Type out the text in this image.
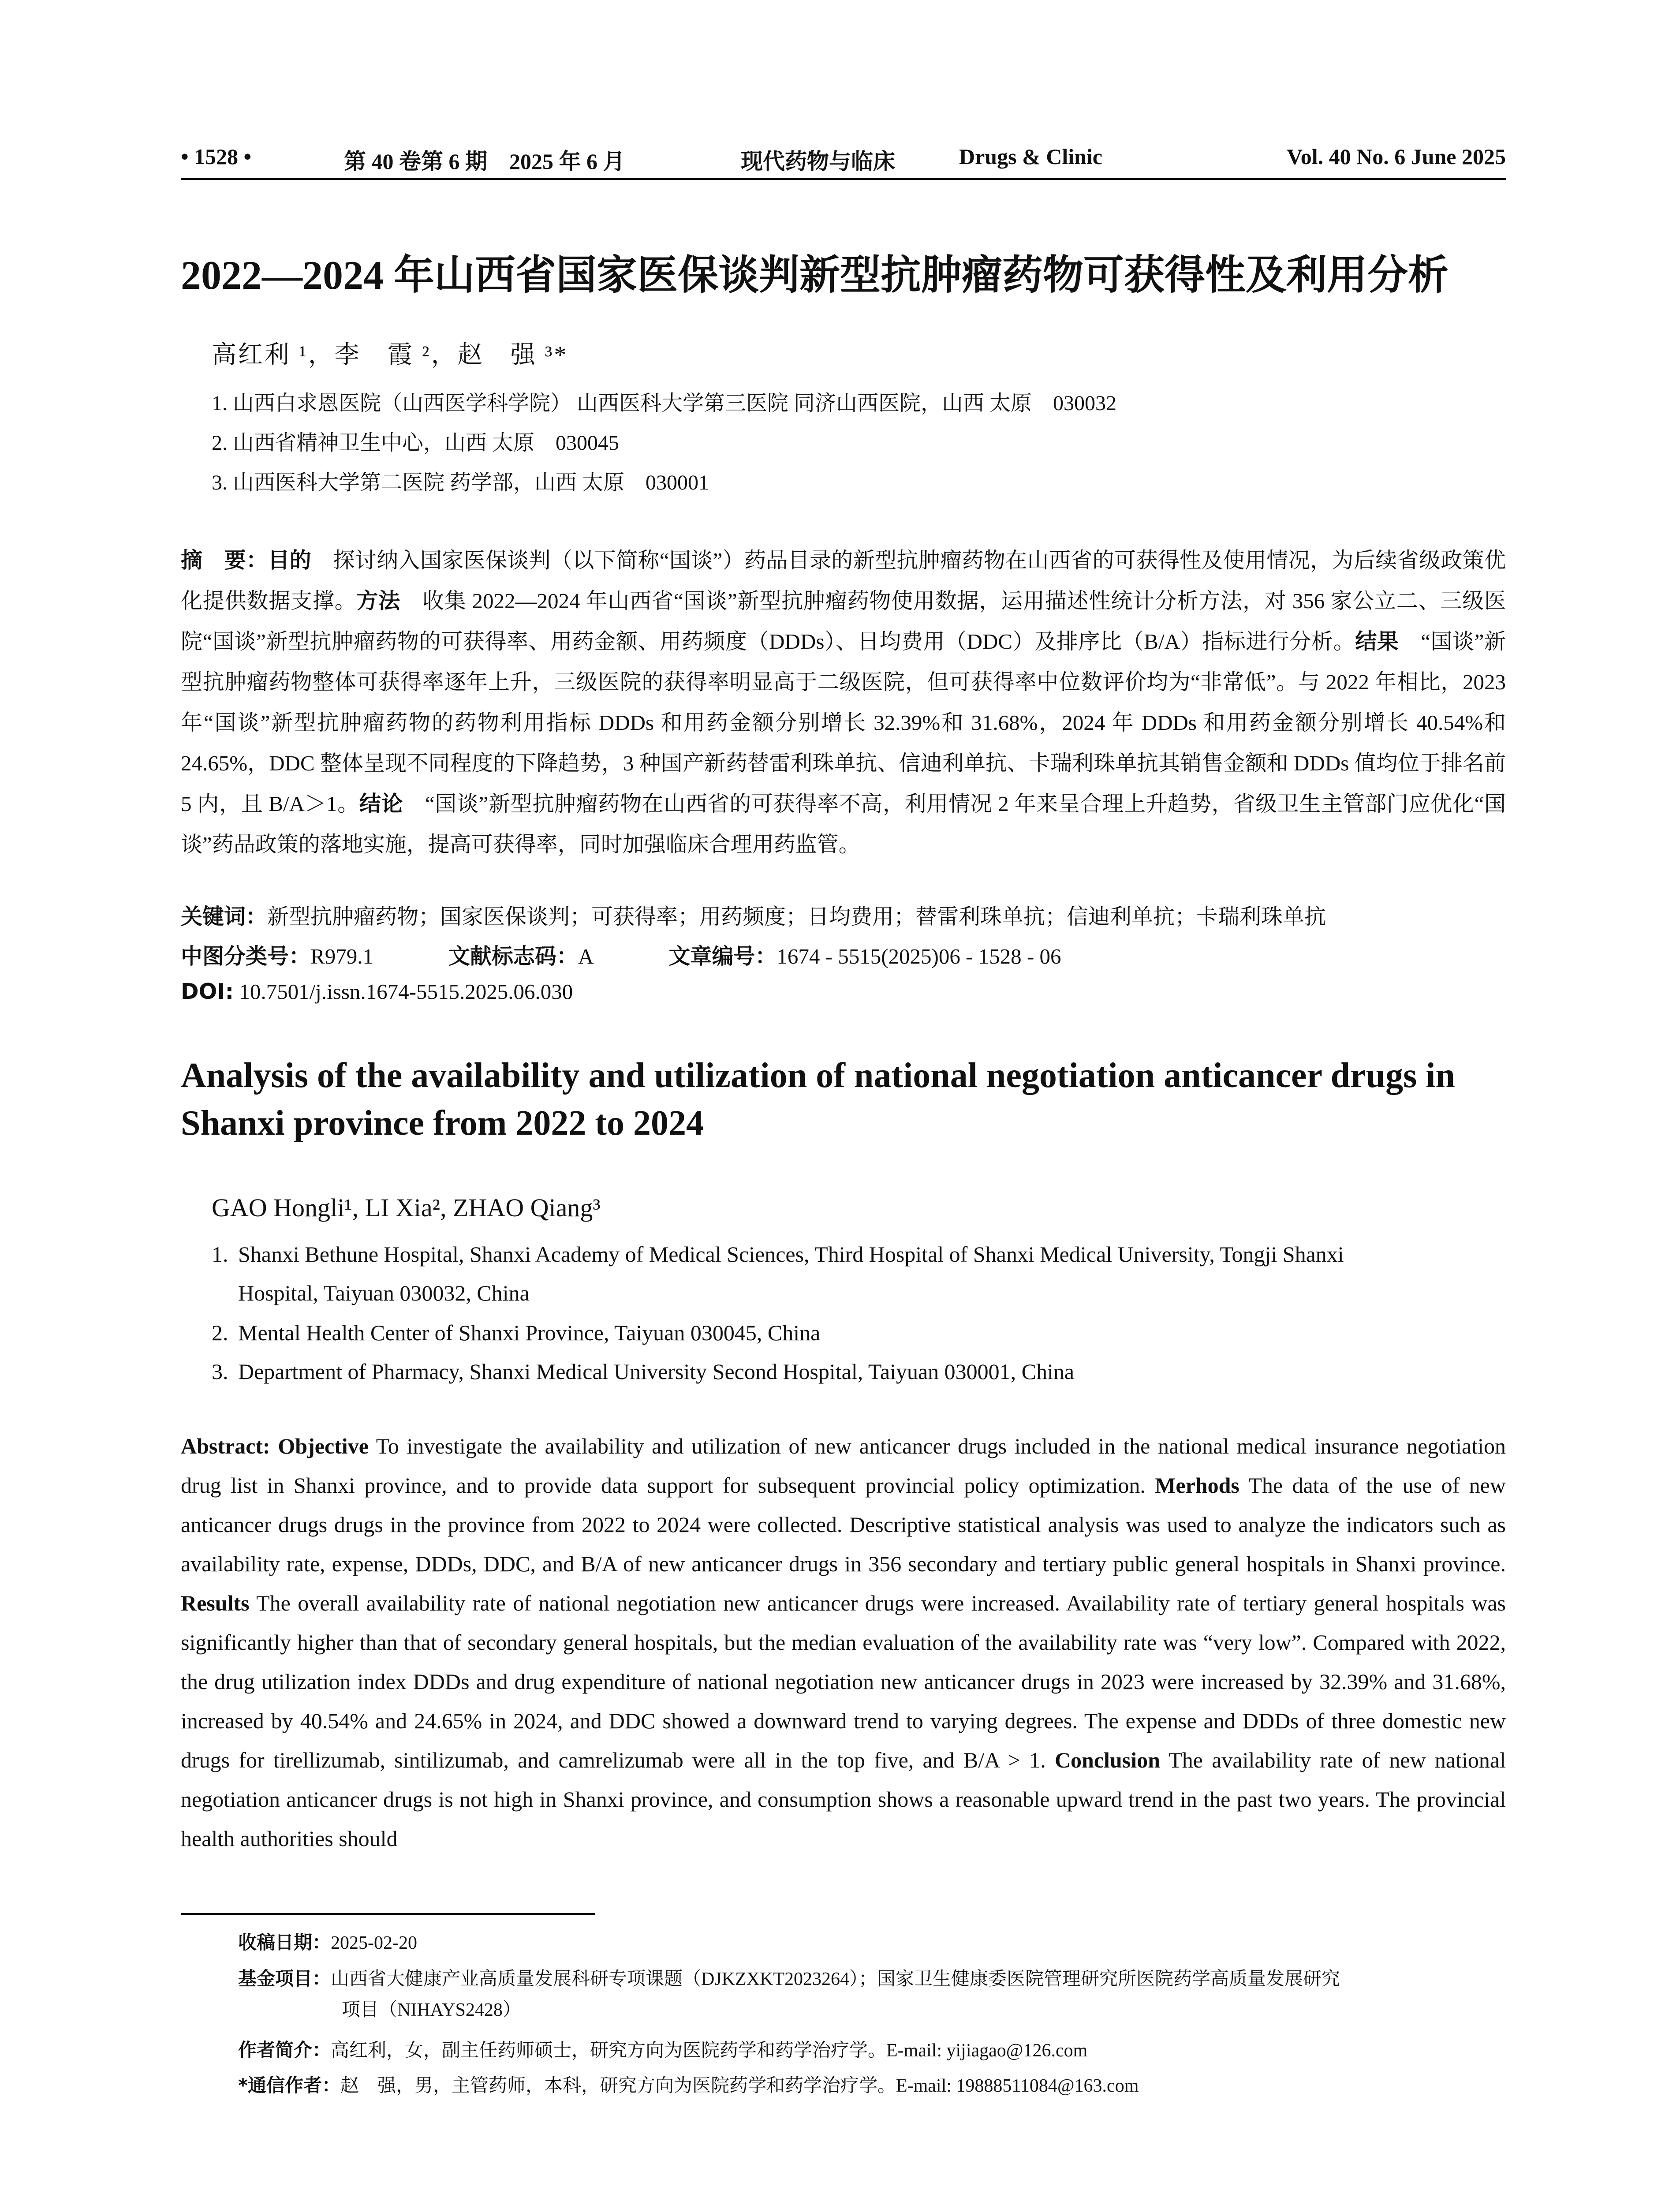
• 1528 •	第 40 卷第 6 期　2025 年 6 月	现代药物与临床	Drugs & Clinic	Vol. 40 No. 6 June 2025
2022—2024 年山西省国家医保谈判新型抗肿瘤药物可获得性及利用分析
高红利 ¹，李　霞 ²，赵　强 ³*
1. 山西白求恩医院（山西医学科学院） 山西医科大学第三医院 同济山西医院，山西 太原　030032
2. 山西省精神卫生中心，山西 太原　030045
3. 山西医科大学第二医院 药学部，山西 太原　030001
摘　要：目的　探讨纳入国家医保谈判（以下简称“国谈”）药品目录的新型抗肿瘤药物在山西省的可获得性及使用情况，为后续省级政策优化提供数据支撑。方法　收集 2022—2024 年山西省“国谈”新型抗肿瘤药物使用数据，运用描述性统计分析方法，对 356 家公立二、三级医院“国谈”新型抗肿瘤药物的可获得率、用药金额、用药频度（DDDs）、日均费用（DDC）及排序比（B/A）指标进行分析。结果　“国谈”新型抗肿瘤药物整体可获得率逐年上升，三级医院的获得率明显高于二级医院，但可获得率中位数评价均为“非常低”。与 2022 年相比，2023 年“国谈”新型抗肿瘤药物的药物利用指标 DDDs 和用药金额分别增长 32.39%和 31.68%，2024 年 DDDs 和用药金额分别增长 40.54%和 24.65%，DDC 整体呈现不同程度的下降趋势，3 种国产新药替雷利珠单抗、信迪利单抗、卡瑞利珠单抗其销售金额和 DDDs 值均位于排名前 5 内，且 B/A＞1。结论　“国谈”新型抗肿瘤药物在山西省的可获得率不高，利用情况 2 年来呈合理上升趋势，省级卫生主管部门应优化“国谈”药品政策的落地实施，提高可获得率，同时加强临床合理用药监管。
关键词：新型抗肿瘤药物；国家医保谈判；可获得率；用药频度；日均费用；替雷利珠单抗；信迪利单抗；卡瑞利珠单抗
中图分类号：R979.1	文献标志码：A	文章编号：1674 - 5515(2025)06 - 1528 - 06
DOI: 10.7501/j.issn.1674-5515.2025.06.030
Analysis of the availability and utilization of national negotiation anticancer drugs in Shanxi province from 2022 to 2024
GAO Hongli¹, LI Xia², ZHAO Qiang³
1. Shanxi Bethune Hospital, Shanxi Academy of Medical Sciences, Third Hospital of Shanxi Medical University, Tongji Shanxi
Hospital, Taiyuan 030032, China
2. Mental Health Center of Shanxi Province, Taiyuan 030045, China
3. Department of Pharmacy, Shanxi Medical University Second Hospital, Taiyuan 030001, China
Abstract: Objective To investigate the availability and utilization of new anticancer drugs included in the national medical insurance negotiation drug list in Shanxi province, and to provide data support for subsequent provincial policy optimization. Merhods The data of the use of new anticancer drugs drugs in the province from 2022 to 2024 were collected. Descriptive statistical analysis was used to analyze the indicators such as availability rate, expense, DDDs, DDC, and B/A of new anticancer drugs in 356 secondary and tertiary public general hospitals in Shanxi province. Results The overall availability rate of national negotiation new anticancer drugs were increased. Availability rate of tertiary general hospitals was significantly higher than that of secondary general hospitals, but the median evaluation of the availability rate was “very low”. Compared with 2022, the drug utilization index DDDs and drug expenditure of national negotiation new anticancer drugs in 2023 were increased by 32.39% and 31.68%, increased by 40.54% and 24.65% in 2024, and DDC showed a downward trend to varying degrees. The expense and DDDs of three domestic new drugs for tirellizumab, sintilizumab, and camrelizumab were all in the top five, and B/A > 1. Conclusion The availability rate of new national negotiation anticancer drugs is not high in Shanxi province, and consumption shows a reasonable upward trend in the past two years. The provincial health authorities should
收稿日期：2025-02-20
基金项目：山西省大健康产业高质量发展科研专项课题（DJKZXKT2023264）；国家卫生健康委医院管理研究所医院药学高质量发展研究
项目（NIHAYS2428）
作者简介：高红利，女，副主任药师硕士，研究方向为医院药学和药学治疗学。E-mail: yijiagao@126.com
*通信作者：赵　强，男，主管药师，本科，研究方向为医院药学和药学治疗学。E-mail: 19888511084@163.com
